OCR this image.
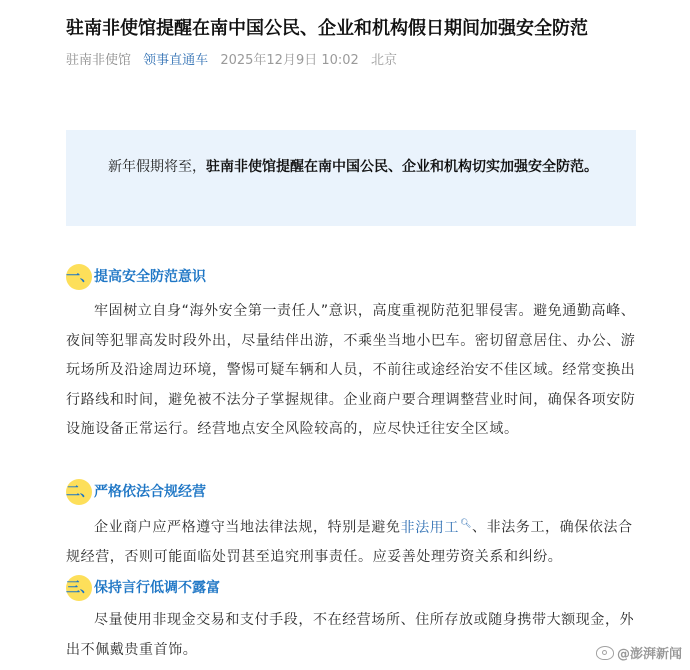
驻南非使馆提醒在南中国公民、企业和机构假日期间加强安全防范
驻南非使馆 领事直通车 2025年12月9日 10:02 北京
新年假期将至，驻南非使馆提醒在南中国公民、企业和机构切实加强安全防范。
一、提高安全防范意识
牢固树立自身“海外安全第一责任人”意识，高度重视防范犯罪侵害。避免通勤高峰、夜间等犯罪高发时段外出，尽量结伴出游，不乘坐当地小巴车。密切留意居住、办公、游玩场所及沿途周边环境，警惕可疑车辆和人员，不前往或途经治安不佳区域。经常变换出行路线和时间，避免被不法分子掌握规律。企业商户要合理调整营业时间，确保各项安防设施设备正常运行。经营地点安全风险较高的，应尽快迁往安全区域。
二、严格依法合规经营
企业商户应严格遵守当地法律法规，特别是避免非法用工🔍︎、非法务工，确保依法合规经营，否则可能面临处罚甚至追究刑事责任。应妥善处理劳资关系和纠纷。
三、保持言行低调不露富
尽量使用非现金交易和支付手段，不在经营场所、住所存放或随身携带大额现金，外出不佩戴贵重首饰。	@澎湃新闻
